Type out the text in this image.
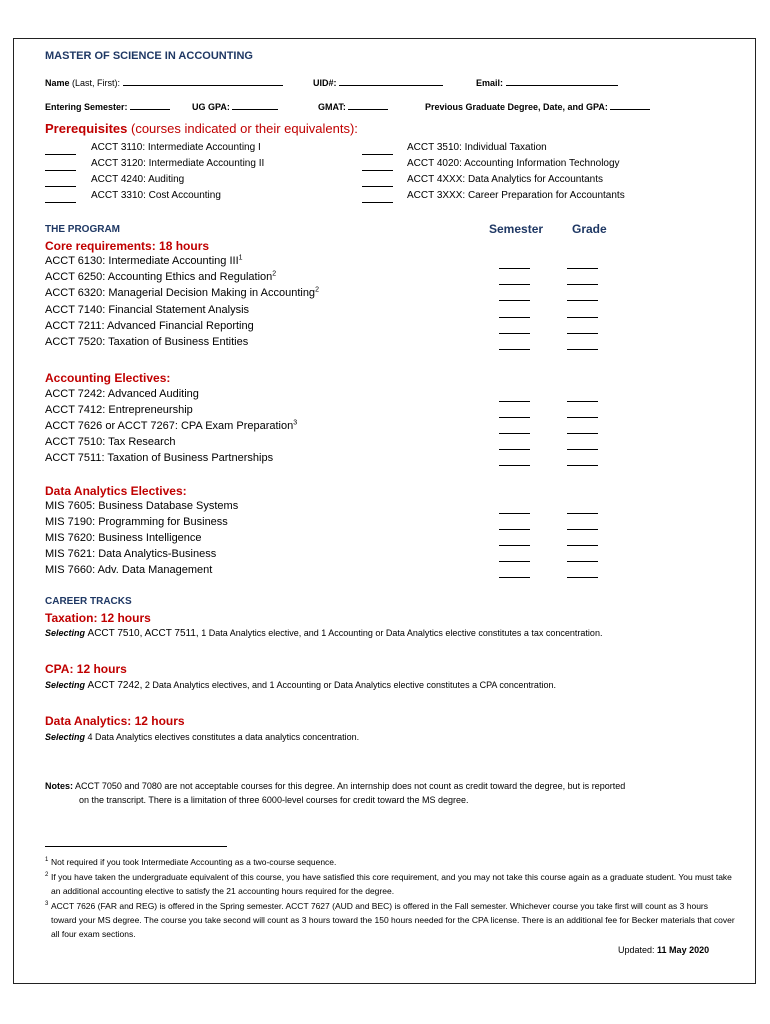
MASTER OF SCIENCE IN ACCOUNTING
Name (Last, First):	UID#:	Email:
Entering Semester:	UG GPA:	GMAT:	Previous Graduate Degree, Date, and GPA:
Prerequisites (courses indicated or their equivalents):
ACCT 3110: Intermediate Accounting I
ACCT 3120: Intermediate Accounting II
ACCT 4240: Auditing
ACCT 3310: Cost Accounting
ACCT 3510: Individual Taxation
ACCT 4020: Accounting Information Technology
ACCT 4XXX: Data Analytics for Accountants
ACCT 3XXX: Career Preparation for Accountants
THE PROGRAM	Semester Grade
Core requirements: 18 hours
ACCT 6130: Intermediate Accounting III$^1$
ACCT 6250: Accounting Ethics and Regulation$^2$
ACCT 6320: Managerial Decision Making in Accounting$^2$
ACCT 7140: Financial Statement Analysis
ACCT 7211: Advanced Financial Reporting
ACCT 7520: Taxation of Business Entities
Accounting Electives:
ACCT 7242: Advanced Auditing
ACCT 7412: Entrepreneurship
ACCT 7626 or ACCT 7267: CPA Exam Preparation$^3$
ACCT 7510: Tax Research
ACCT 7511: Taxation of Business Partnerships
Data Analytics Electives:
MIS 7605: Business Database Systems
MIS 7190: Programming for Business
MIS 7620: Business Intelligence
MIS 7621: Data Analytics-Business
MIS 7660: Adv. Data Management
CAREER TRACKS
Taxation: 12 hours
Selecting ACCT 7510, ACCT 7511, 1 Data Analytics elective, and 1 Accounting or Data Analytics elective constitutes a tax concentration.
CPA: 12 hours
Selecting ACCT 7242, 2 Data Analytics electives, and 1 Accounting or Data Analytics elective constitutes a CPA concentration.
Data Analytics: 12 hours
Selecting 4 Data Analytics electives constitutes a data analytics concentration.
Notes: ACCT 7050 and 7080 are not acceptable courses for this degree. An internship does not count as credit toward the degree, but is reported
on the transcript. There is a limitation of three 6000-level courses for credit toward the MS degree.
1 Not required if you took Intermediate Accounting as a two-course sequence.
2 If you have taken the undergraduate equivalent of this course, you have satisfied this core requirement, and you may not take this course again as a graduate student. You must take an additional accounting elective to satisfy the 21 accounting hours required for the degree.
3 ACCT 7626 (FAR and REG) is offered in the Spring semester. ACCT 7627 (AUD and BEC) is offered in the Fall semester. Whichever course you take first will count as 3 hours toward your MS degree. The course you take second will count as 3 hours toward the 150 hours needed for the CPA license. There is an additional fee for Becker materials that cover all four exam sections.
Updated: 11 May 2020
